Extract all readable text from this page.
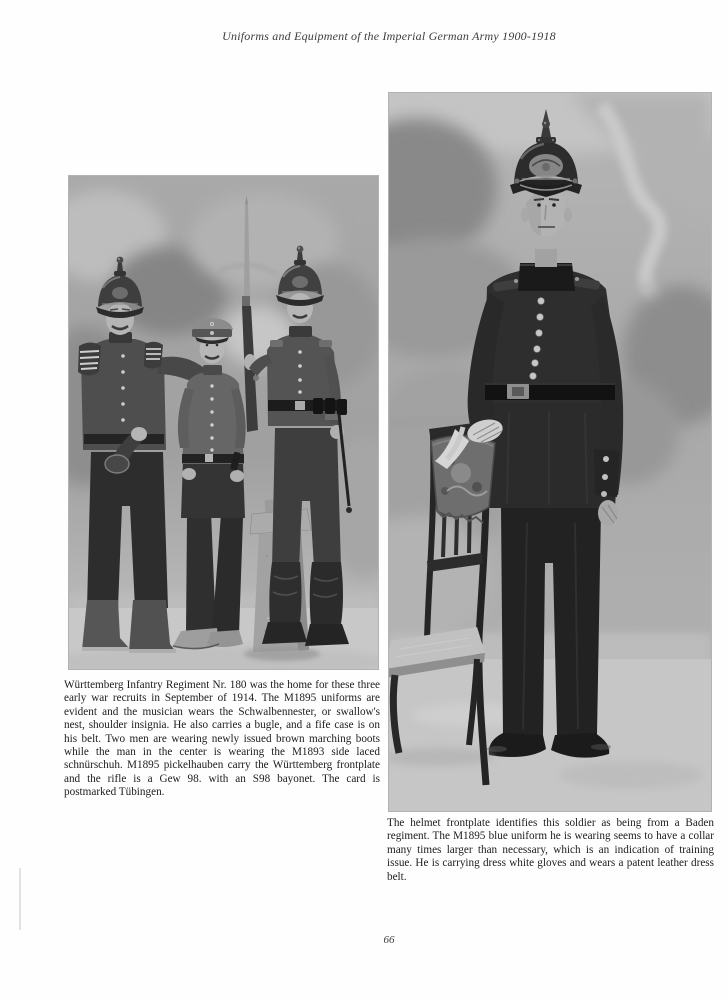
Uniforms and Equipment of the Imperial German Army 1900-1918

Württemberg Infantry Regiment Nr. 180 was the home for these three early war recruits in September of 1914. The M1895 uniforms are evident and the musician wears the Schwalbennester, or swallow's nest, shoulder insignia. He also carries a bugle, and a fife case is on his belt. Two men are wearing newly issued brown marching boots while the man in the center is wearing the M1893 side laced schnürschuh. M1895 pickelhauben carry the Württemberg frontplate and the rifle is a Gew 98. with an S98 bayonet. The card is postmarked Tübingen.

The helmet frontplate identifies this soldier as being from a Baden regiment. The M1895 blue uniform he is wearing seems to have a collar many times larger than necessary, which is an indication of training issue. He is carrying dress white gloves and wears a patent leather dress belt.

66
